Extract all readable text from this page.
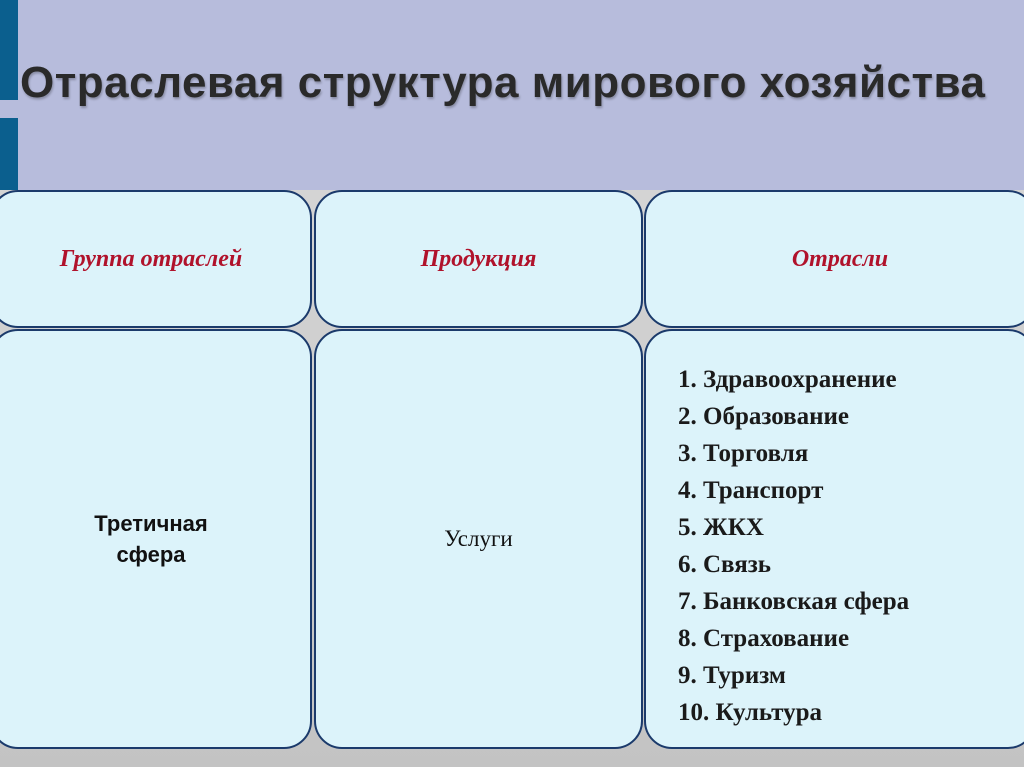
Отраслевая структура мирового хозяйства
Группа отраслей	Продукция	Отрасли
Третичная сфера
Услуги
1. Здравоохранение
2. Образование
3. Торговля
4. Транспорт
5. ЖКХ
6. Связь
7. Банковская сфера
8. Страхование
9. Туризм
10. Культура
